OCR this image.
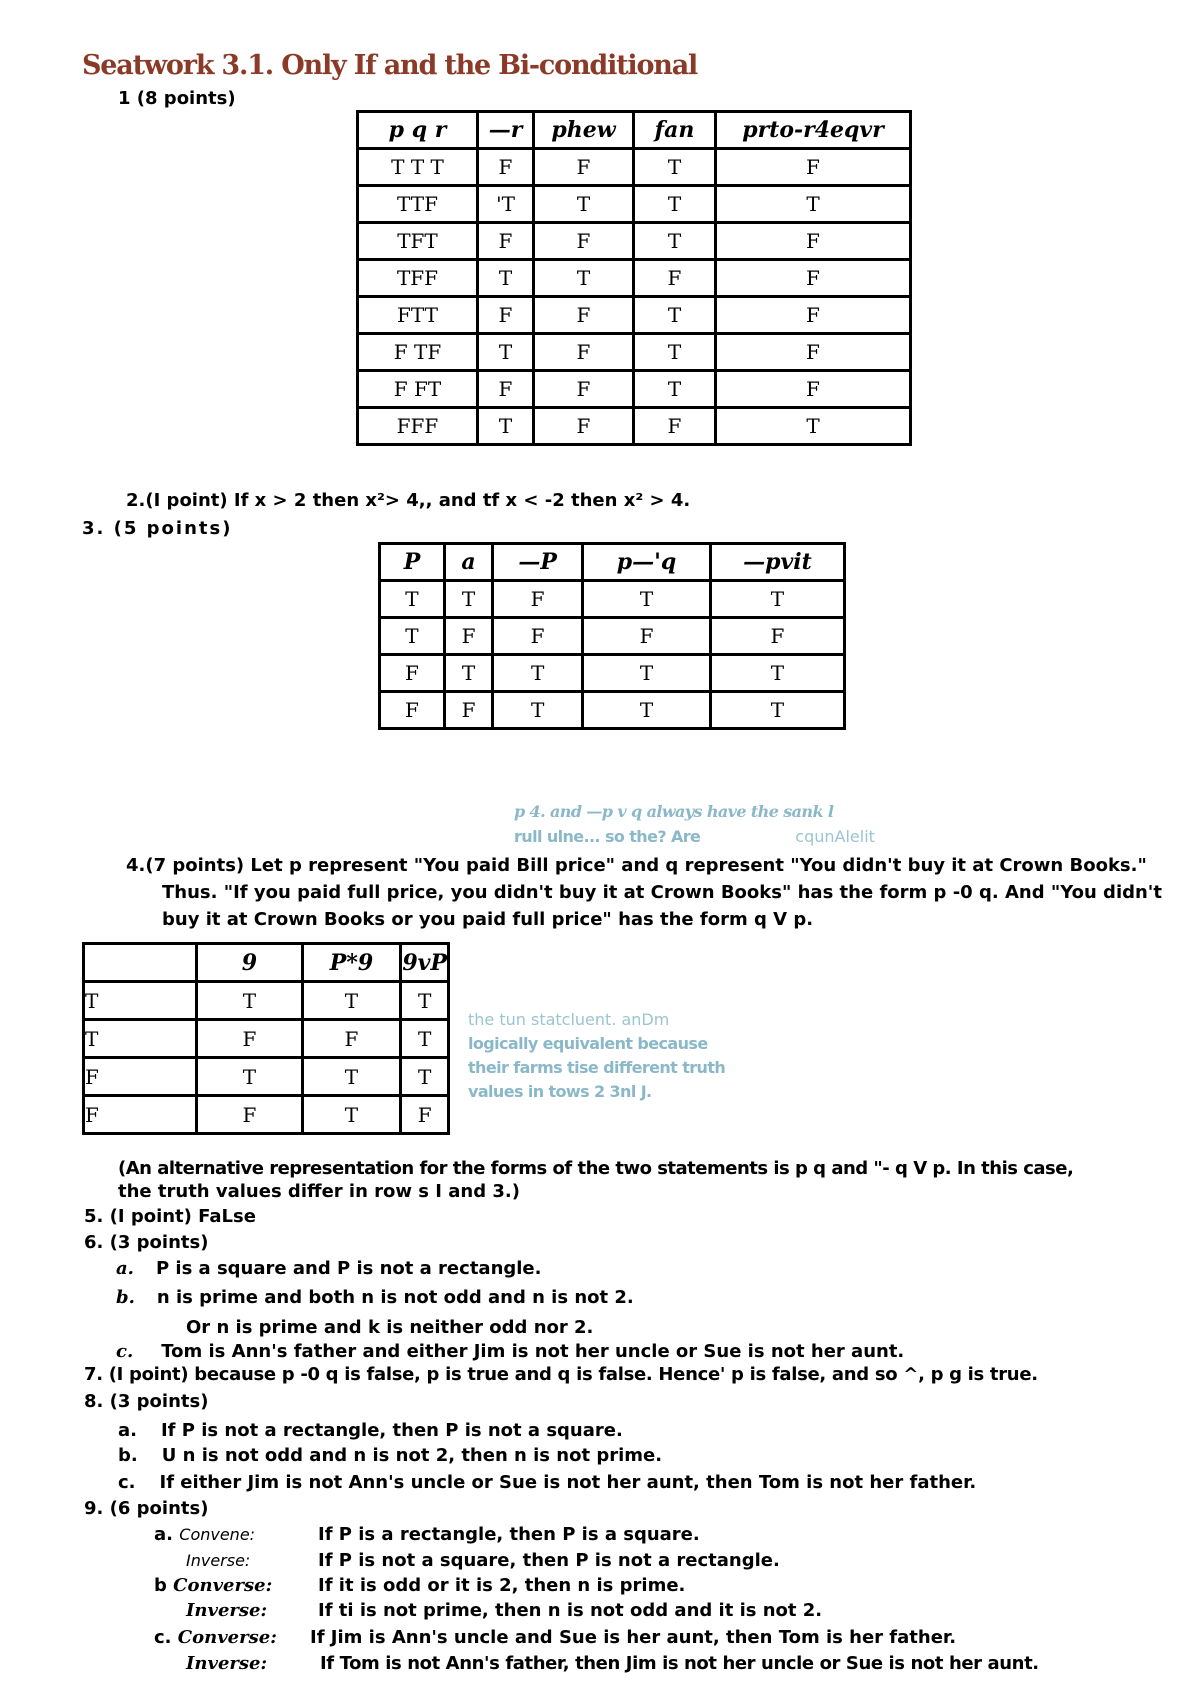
Seatwork 3.1. Only If and the Bi-conditional
1 (8 points)
p q r	—r	phew	fan	prto-r4eqvr
T T T	F	F	T	F
TTF	'T	T	T	T
TFT	F	F	T	F
TFF	T	T	F	F
FTT	F	F	T	F
F TF	T	F	T	F
F FT	F	F	T	F
FFF	T	F	F	T
2.(I point) If x > 2 then x²> 4,, and tf x < -2 then x² > 4.
3. (5 points)
P	a	—P	p—'q	—pvit
T	T	F	T	T
T	F	F	F	F
F	T	T	T	T
F	F	T	T	T
p 4. and —p v q always have the sank l
rull ulne... so the? Are	cqunAlelit
4.(7 points) Let p represent "You paid Bill price" and q represent "You didn't buy it at Crown Books."
Thus. "If you paid full price, you didn't buy it at Crown Books" has the form p -0 q. And "You didn't
buy it at Crown Books or you paid full price" has the form q V p.
	9	P*9	9vP
T	T	T	T
T	F	F	T
F	T	T	T
F	F	T	F
the tun statcluent. anDm
logically equivalent because
their farms tise different truth
values in tows 2 3nl J.
(An alternative representation for the forms of the two statements is p q and "- q V p. In this case,
the truth values differ in row s I and 3.)
5. (I point) FaLse
6. (3 points)
a. P is a square and P is not a rectangle.
b. n is prime and both n is not odd and n is not 2.
Or n is prime and k is neither odd nor 2.
c. Tom is Ann's father and either Jim is not her uncle or Sue is not her aunt.
7. (I point) because p -0 q is false, p is true and q is false. Hence' p is false, and so ^, p g is true.
8. (3 points)
a. If P is not a rectangle, then P is not a square.
b. U n is not odd and n is not 2, then n is not prime.
c. If either Jim is not Ann's uncle or Sue is not her aunt, then Tom is not her father.
9. (6 points)
a. Convene:	If P is a rectangle, then P is a square.
Inverse:	If P is not a square, then P is not a rectangle.
b Converse:	If it is odd or it is 2, then n is prime.
Inverse:	If ti is not prime, then n is not odd and it is not 2.
c. Converse: If Jim is Ann's uncle and Sue is her aunt, then Tom is her father.
Inverse:	If Tom is not Ann's father, then Jim is not her uncle or Sue is not her aunt.
